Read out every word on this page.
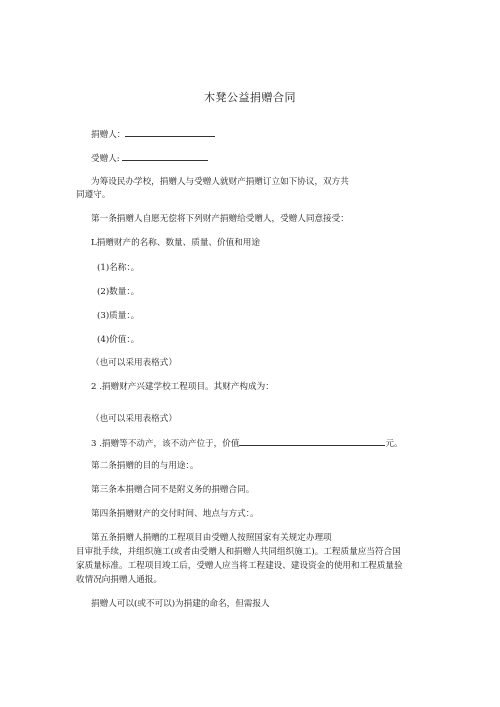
木凳公益捐赠合同
捐赠人：
受赠人:
为筹设民办学校，捐赠人与受赠人就财产捐赠订立如下协议，双方共
同遵守。
第一条捐赠人自愿无偿将下列财产捐赠给受赠人，受赠人同意接受：
L捐赠财产的名称、数量、质量、价值和用途
(1)名称：。
(2)数量：。
(3)质量：。
(4)价值：。
（也可以采用表格式）
2 .捐赠财产兴建学校工程项目。其财产构成为：
（也可以采用表格式）
3 .捐赠等不动产，该不动产位于，价值	元。
第二条捐赠的目的与用途：。
第三条本捐赠合同不是附义务的捐赠合同。
第四条捐赠财产的交付时间、地点与方式：。
第五条捐赠人捐赠的工程项目由受赠人按照国家有关规定办理项
目审批手续，并组织施工(或者由受赠人和捐赠人共同组织施工)。工程质量应当符合国
家质量标准。工程项目竣工后，受赠人应当将工程建设、建设资金的使用和工程质量验
收情况向捐赠人通报。
捐赠人可以(或不可以)为捐建的命名，但需报人
